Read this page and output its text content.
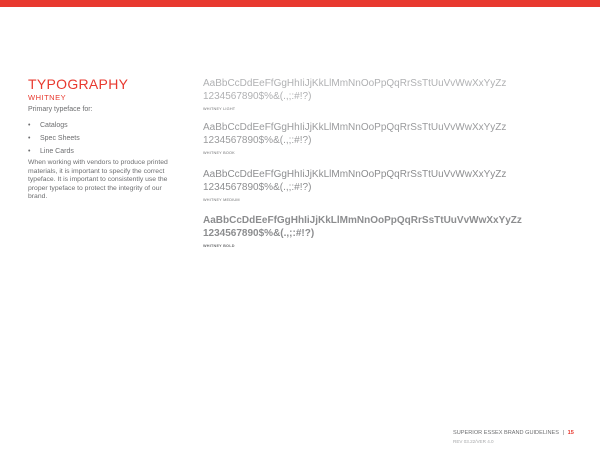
TYPOGRAPHY
WHITNEY
Primary typeface for:
•	Catalogs
•	Spec Sheets
•	Line Cards
When working with vendors to produce printed materials, it is important to specify the correct typeface. It is important to consistently use the proper typeface to protect the integrity of our brand.
AaBbCcDdEeFfGgHhIiJjKkLlMmNnOoPpQqRrSsTtUuVvWwXxYyZz
1234567890$%&(.,;:#!?)
WHITNEY LIGHT
AaBbCcDdEeFfGgHhIiJjKkLlMmNnOoPpQqRrSsTtUuVvWwXxYyZz
1234567890$%&(.,;:#!?)
WHITNEY BOOK
AaBbCcDdEeFfGgHhIiJjKkLlMmNnOoPpQqRrSsTtUuVvWwXxYyZz
1234567890$%&(.,;:#!?)
WHITNEY MEDIUM
AaBbCcDdEeFfGgHhIiJjKkLlMmNnOoPpQqRrSsTtUuVvWwXxYyZz
1234567890$%&(.,;:#!?)
WHITNEY BOLD
SUPERIOR ESSEX BRAND GUIDELINES | 15
REV 03.22/VER 4.0
